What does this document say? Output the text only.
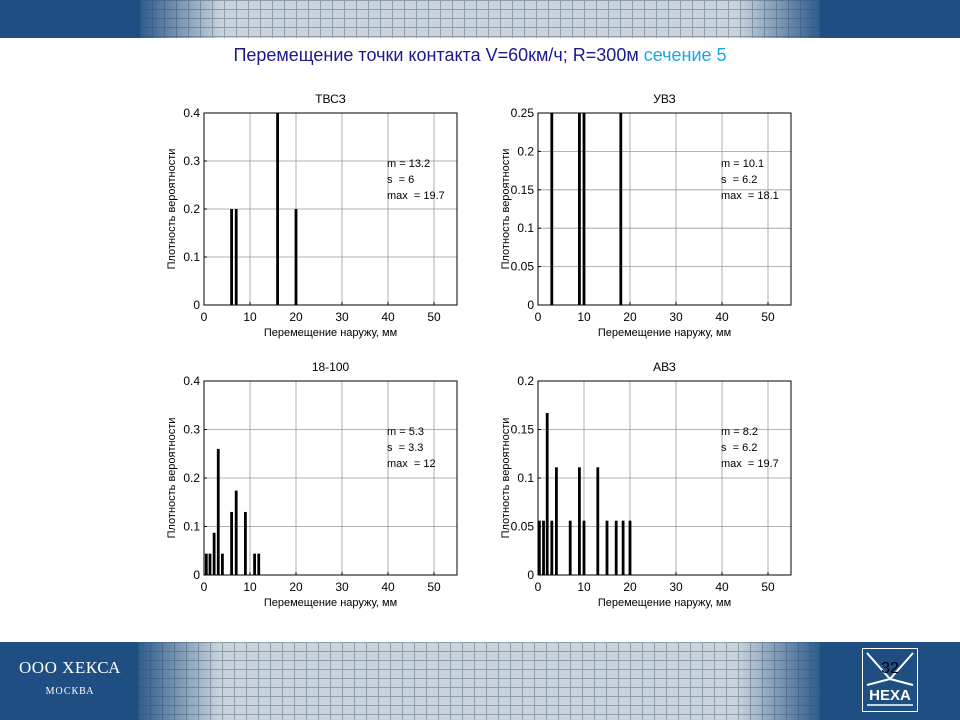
Перемещение точки контакта V=60км/ч; R=300м сечение 5
0	10	20	30	40	50
0
0.1
0.2
0.3
0.4
ТВСЗ
Перемещение наружу, мм
Плотность вероятности	m = 13.2
s  = 6
max  = 19.7
0	10	20	30	40	50
0
0.05
0.1
0.15
0.2
0.25
УВЗ
Перемещение наружу, мм
Плотность вероятности	m = 10.1
s  = 6.2
max  = 18.1
0	10	20	30	40	50
0
0.1
0.2
0.3
0.4
18-100
Перемещение наружу, мм
Плотность вероятности	m = 5.3
s  = 3.3
max  = 12
0	10	20	30	40	50
0
0.05
0.1
0.15
0.2
АВЗ
Перемещение наружу, мм
Плотность вероятности	m = 8.2
s  = 6.2
max  = 19.7
ООО ХЕКСА
МОСКВА	HEXA
32
